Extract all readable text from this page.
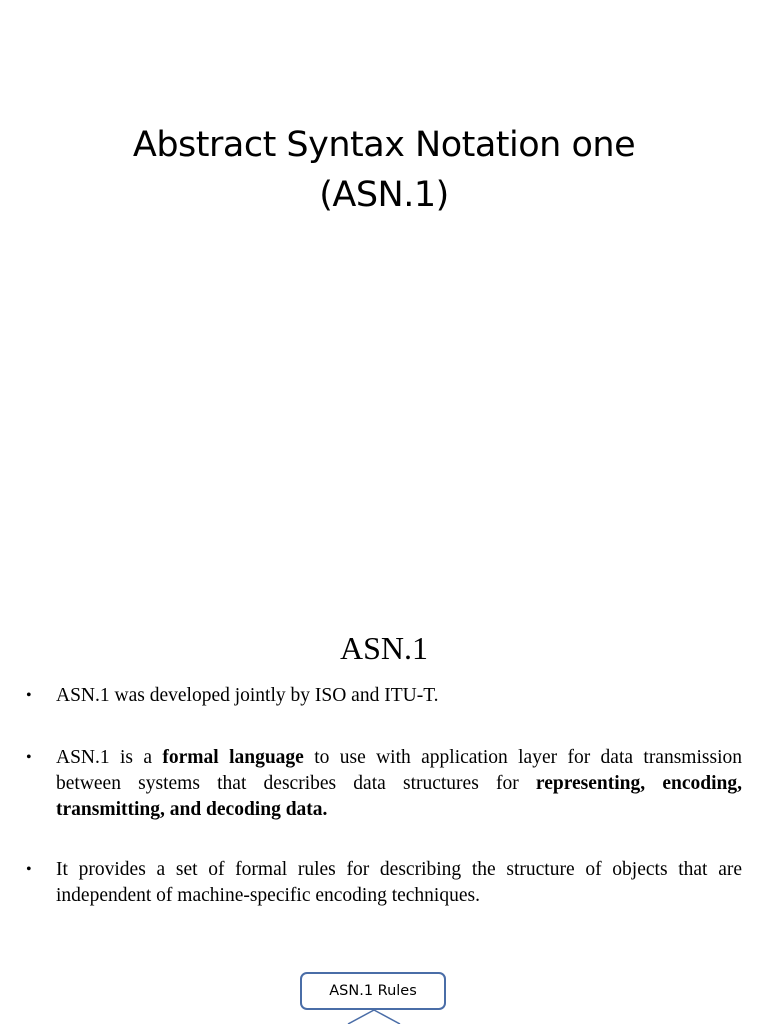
Abstract Syntax Notation one
(ASN.1)
ASN.1
•	ASN.1 was developed jointly by ISO and ITU-T.
•	ASN.1 is a formal language to use with application layer for data transmission between systems that describes data structures for representing, encoding, transmitting, and decoding data.
•	It provides a set of formal rules for describing the structure of objects that are independent of machine-specific encoding techniques.
ASN.1 Rules
